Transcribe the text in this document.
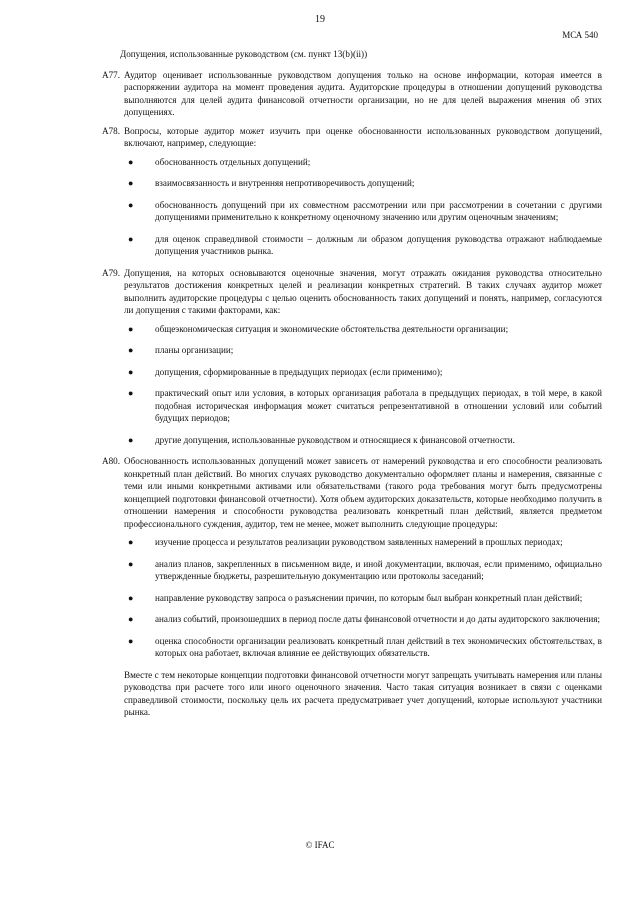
19
МСА 540
Допущения, использованные руководством (см. пункт 13(b)(ii))
A77. Аудитор оценивает использованные руководством допущения только на основе информации, которая имеется в распоряжении аудитора на момент проведения аудита. Аудиторские процедуры в отношении допущений руководства выполняются для целей аудита финансовой отчетности организации, но не для целей выражения мнения об этих допущениях.
A78. Вопросы, которые аудитор может изучить при оценке обоснованности использованных руководством допущений, включают, например, следующие:
● обоснованность отдельных допущений;
● взаимосвязанность и внутренняя непротиворечивость допущений;
● обоснованность допущений при их совместном рассмотрении или при рассмотрении в сочетании с другими допущениями применительно к конкретному оценочному значению или другим оценочным значениям;
● для оценок справедливой стоимости – должным ли образом допущения руководства отражают наблюдаемые допущения участников рынка.
A79. Допущения, на которых основываются оценочные значения, могут отражать ожидания руководства относительно результатов достижения конкретных целей и реализации конкретных стратегий. В таких случаях аудитор может выполнить аудиторские процедуры с целью оценить обоснованность таких допущений и понять, например, согласуются ли допущения с такими факторами, как:
● общеэкономическая ситуация и экономические обстоятельства деятельности организации;
● планы организации;
● допущения, сформированные в предыдущих периодах (если применимо);
● практический опыт или условия, в которых организация работала в предыдущих периодах, в той мере, в какой подобная историческая информация может считаться репрезентативной в отношении условий или событий будущих периодов;
● другие допущения, использованные руководством и относящиеся к финансовой отчетности.
A80. Обоснованность использованных допущений может зависеть от намерений руководства и его способности реализовать конкретный план действий. Во многих случаях руководство документально оформляет планы и намерения, связанные с теми или иными конкретными активами или обязательствами (такого рода требования могут быть предусмотрены концепцией подготовки финансовой отчетности). Хотя объем аудиторских доказательств, которые необходимо получить в отношении намерения и способности руководства реализовать конкретный план действий, является предметом профессионального суждения, аудитор, тем не менее, может выполнить следующие процедуры:
● изучение процесса и результатов реализации руководством заявленных намерений в прошлых периодах;
● анализ планов, закрепленных в письменном виде, и иной документации, включая, если применимо, официально утвержденные бюджеты, разрешительную документацию или протоколы заседаний;
● направление руководству запроса о разъяснении причин, по которым был выбран конкретный план действий;
● анализ событий, произошедших в период после даты финансовой отчетности и до даты аудиторского заключения;
● оценка способности организации реализовать конкретный план действий в тех экономических обстоятельствах, в которых она работает, включая влияние ее действующих обязательств.
Вместе с тем некоторые концепции подготовки финансовой отчетности могут запрещать учитывать намерения или планы руководства при расчете того или иного оценочного значения. Часто такая ситуация возникает в связи с оценками справедливой стоимости, поскольку цель их расчета предусматривает учет допущений, которые используют участники рынка.
© IFAC
